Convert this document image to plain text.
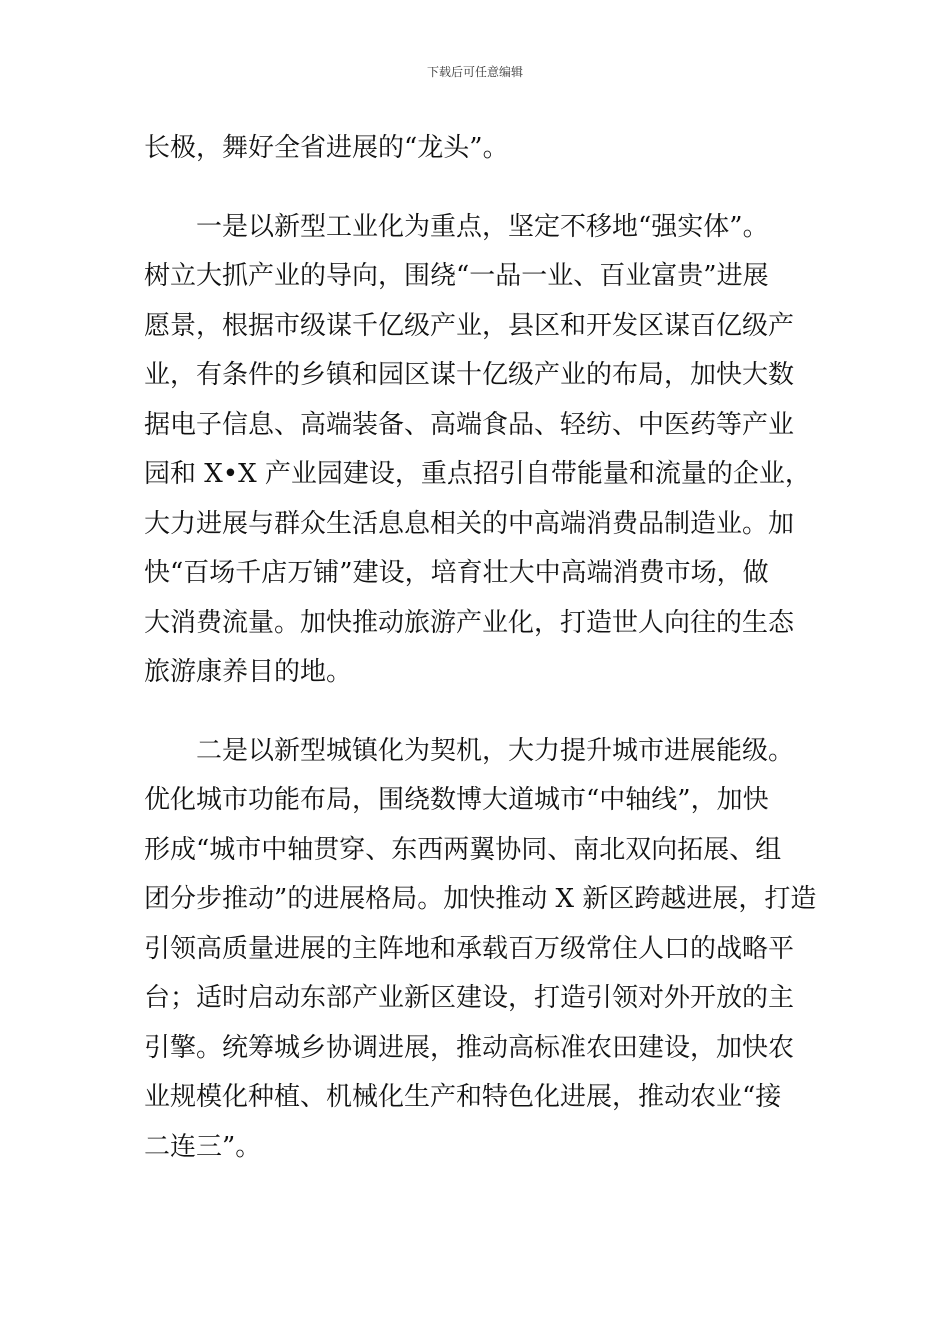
下载后可任意编辑
长极，舞好全省进展的“龙头”。
一是以新型工业化为重点，坚定不移地“强实体”。
树立大抓产业的导向，围绕“一品一业、百业富贵”进展
愿景，根据市级谋千亿级产业，县区和开发区谋百亿级产
业，有条件的乡镇和园区谋十亿级产业的布局，加快大数
据电子信息、高端装备、高端食品、轻纺、中医药等产业
园和 X•X 产业园建设，重点招引自带能量和流量的企业，
大力进展与群众生活息息相关的中高端消费品制造业。加
快“百场千店万铺”建设，培育壮大中高端消费市场，做
大消费流量。加快推动旅游产业化，打造世人向往的生态
旅游康养目的地。
二是以新型城镇化为契机，大力提升城市进展能级。
优化城市功能布局，围绕数博大道城市“中轴线”，加快
形成“城市中轴贯穿、东西两翼协同、南北双向拓展、组
团分步推动”的进展格局。加快推动 X 新区跨越进展，打造
引领高质量进展的主阵地和承载百万级常住人口的战略平
台；适时启动东部产业新区建设，打造引领对外开放的主
引擎。统筹城乡协调进展，推动高标准农田建设，加快农
业规模化种植、机械化生产和特色化进展，推动农业“接
二连三”。
